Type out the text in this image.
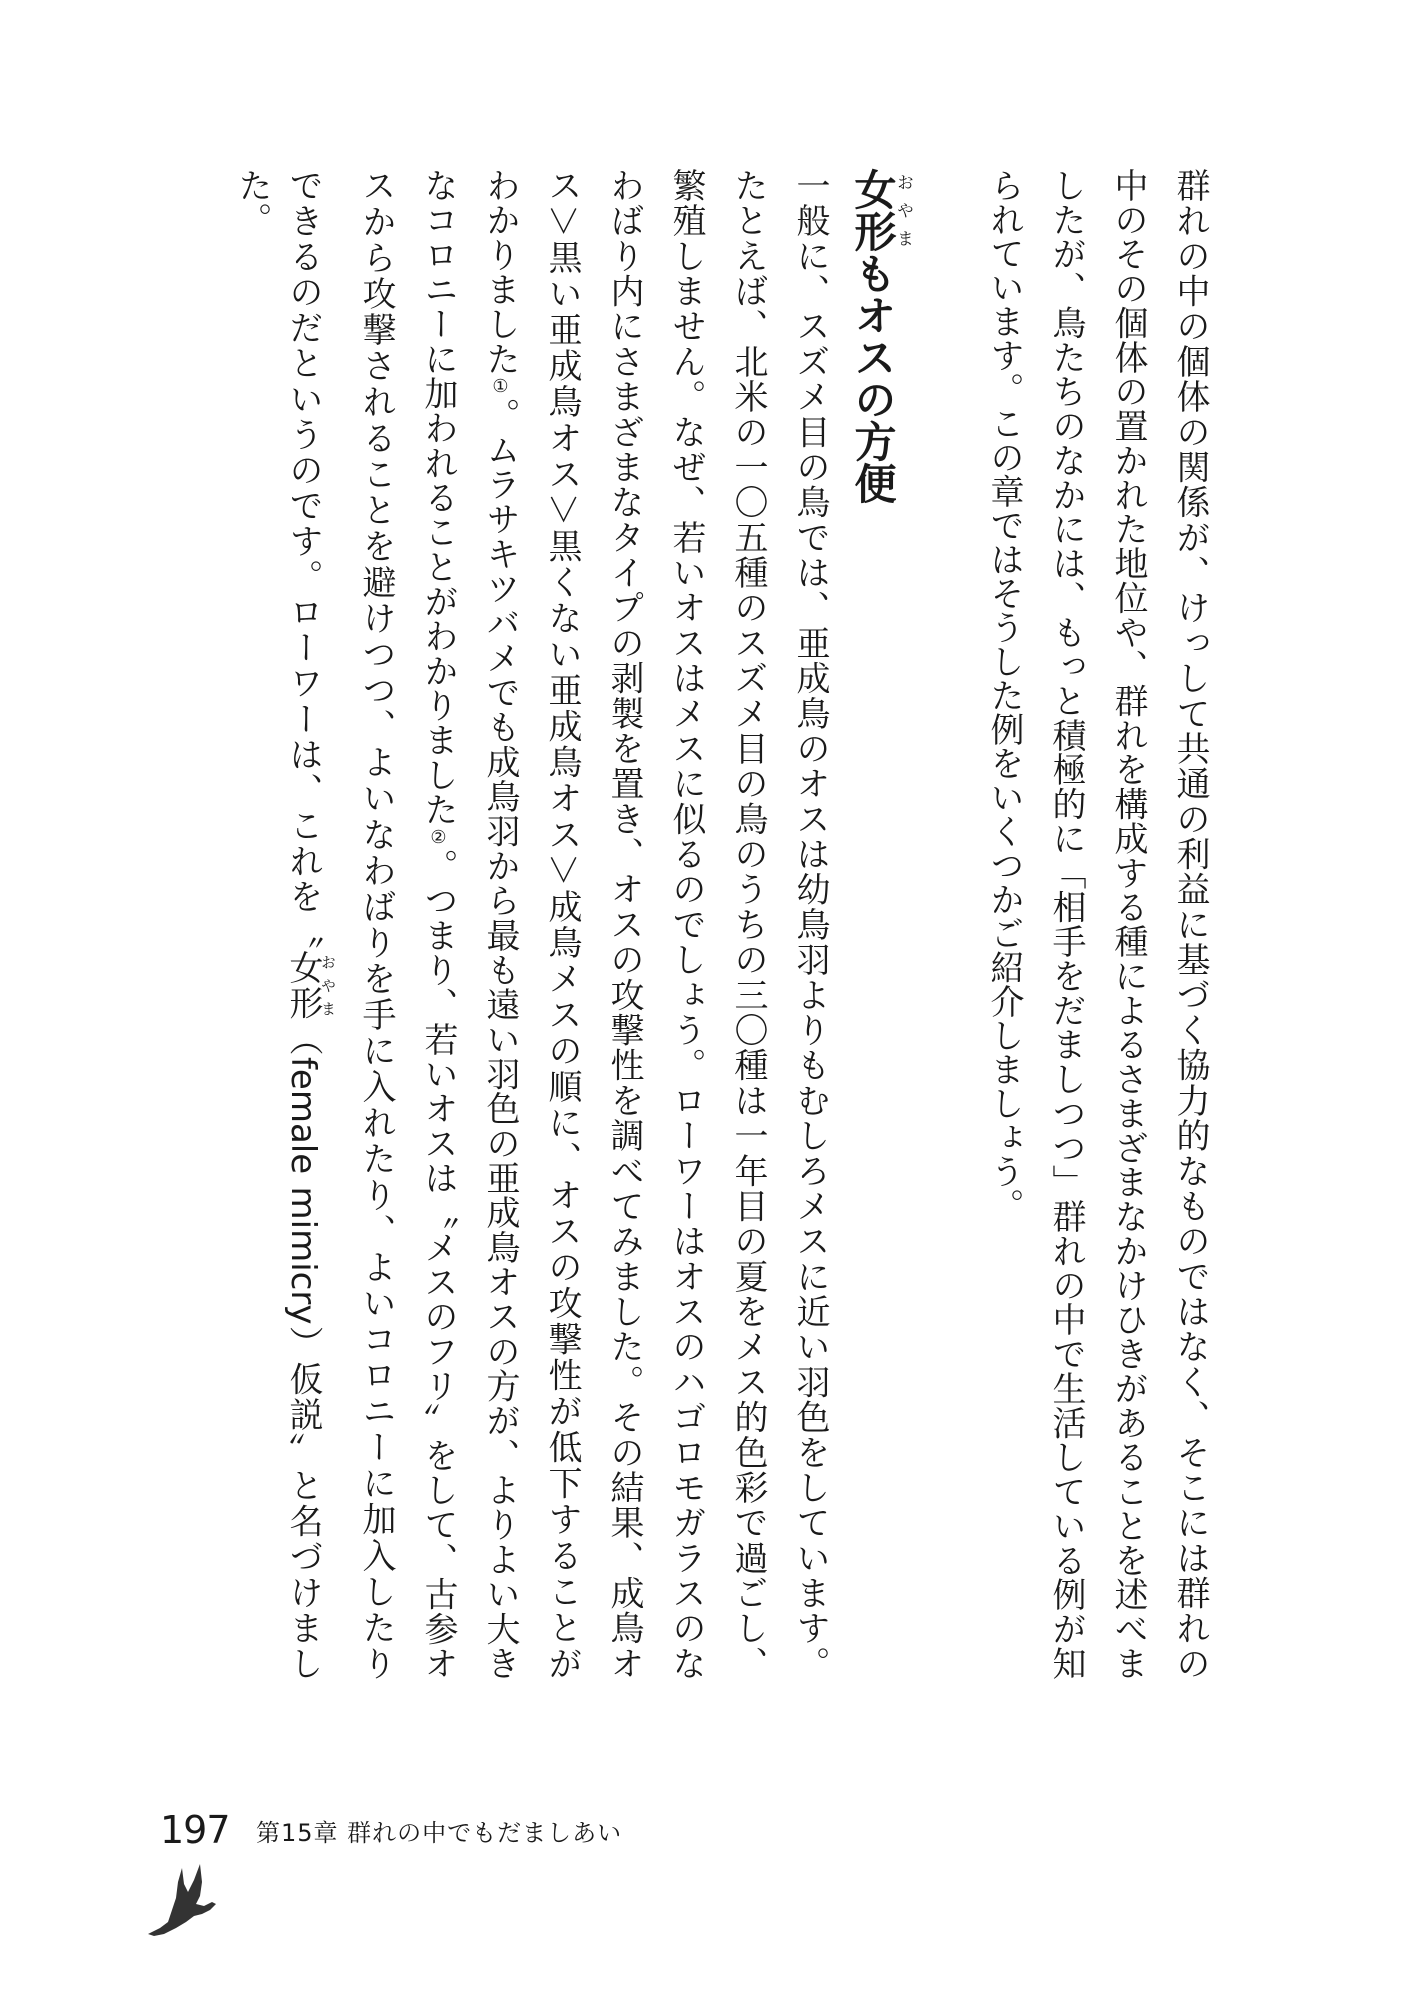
群れの中の個体の関係が、けっして共通の利益に基づく協力的なものではなく、そこには群れの
中のその個体の置かれた地位や、群れを構成する種によるさまざまなかけひきがあることを述べま
したが、鳥たちのなかには、もっと積極的に「相手をだましつつ」群れの中で生活している例が知
られています。この章ではそうした例をいくつかご紹介しましょう。
女形おやまもオスの方便
一般に、スズメ目の鳥では、亜成鳥のオスは幼鳥羽よりもむしろメスに近い羽色をしています。
たとえば、北米の一〇五種のスズメ目の鳥のうちの三〇種は一年目の夏をメス的色彩で過ごし、
繁殖しません。なぜ、若いオスはメスに似るのでしょう。ローワーはオスのハゴロモガラスのな
わばり内にさまざまなタイプの剥製を置き、オスの攻撃性を調べてみました。その結果、成鳥オ
ス＞黒い亜成鳥オス＞黒くない亜成鳥オス＞成鳥メスの順に、オスの攻撃性が低下することが
わかりました①。ムラサキツバメでも成鳥羽から最も遠い羽色の亜成鳥オスの方が、よりよい大き
なコロニーに加われることがわかりました②。つまり、若いオスは〝メスのフリ〟をして、古参オ
スから攻撃されることを避けつつ、よいなわばりを手に入れたり、よいコロニーに加入したり
できるのだというのです。ローワーは、これを〝女形おやま（female mimicry）仮説〟と名づけまし
た。
197 第15章 群れの中でもだましあい
